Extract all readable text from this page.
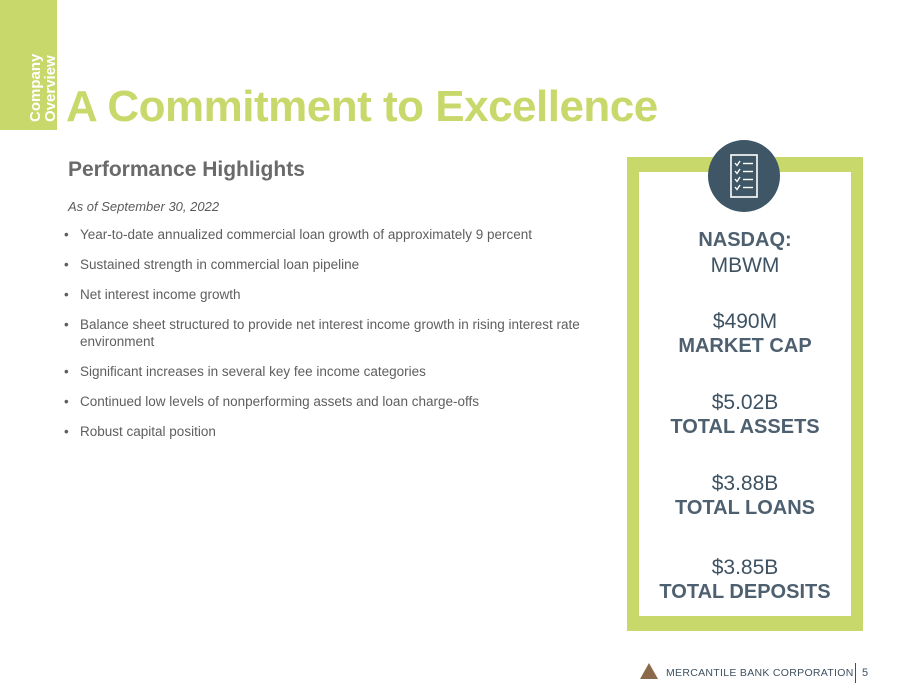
Company
Overview A Commitment to Excellence
Performance Highlights

As of September 30, 2022

• Year-to-date annualized commercial loan growth of approximately 9 percent
• Sustained strength in commercial loan pipeline
• Net interest income growth
• Balance sheet structured to provide net interest income growth in rising interest rate environment
• Significant increases in several key fee income categories
• Continued low levels of nonperforming assets and loan charge-offs
• Robust capital position
NASDAQ:
MBWM
$490M
MARKET CAP
$5.02B
TOTAL ASSETS
$3.88B
TOTAL LOANS
$3.85B
TOTAL DEPOSITS

MERCANTILE BANK CORPORATION 5
